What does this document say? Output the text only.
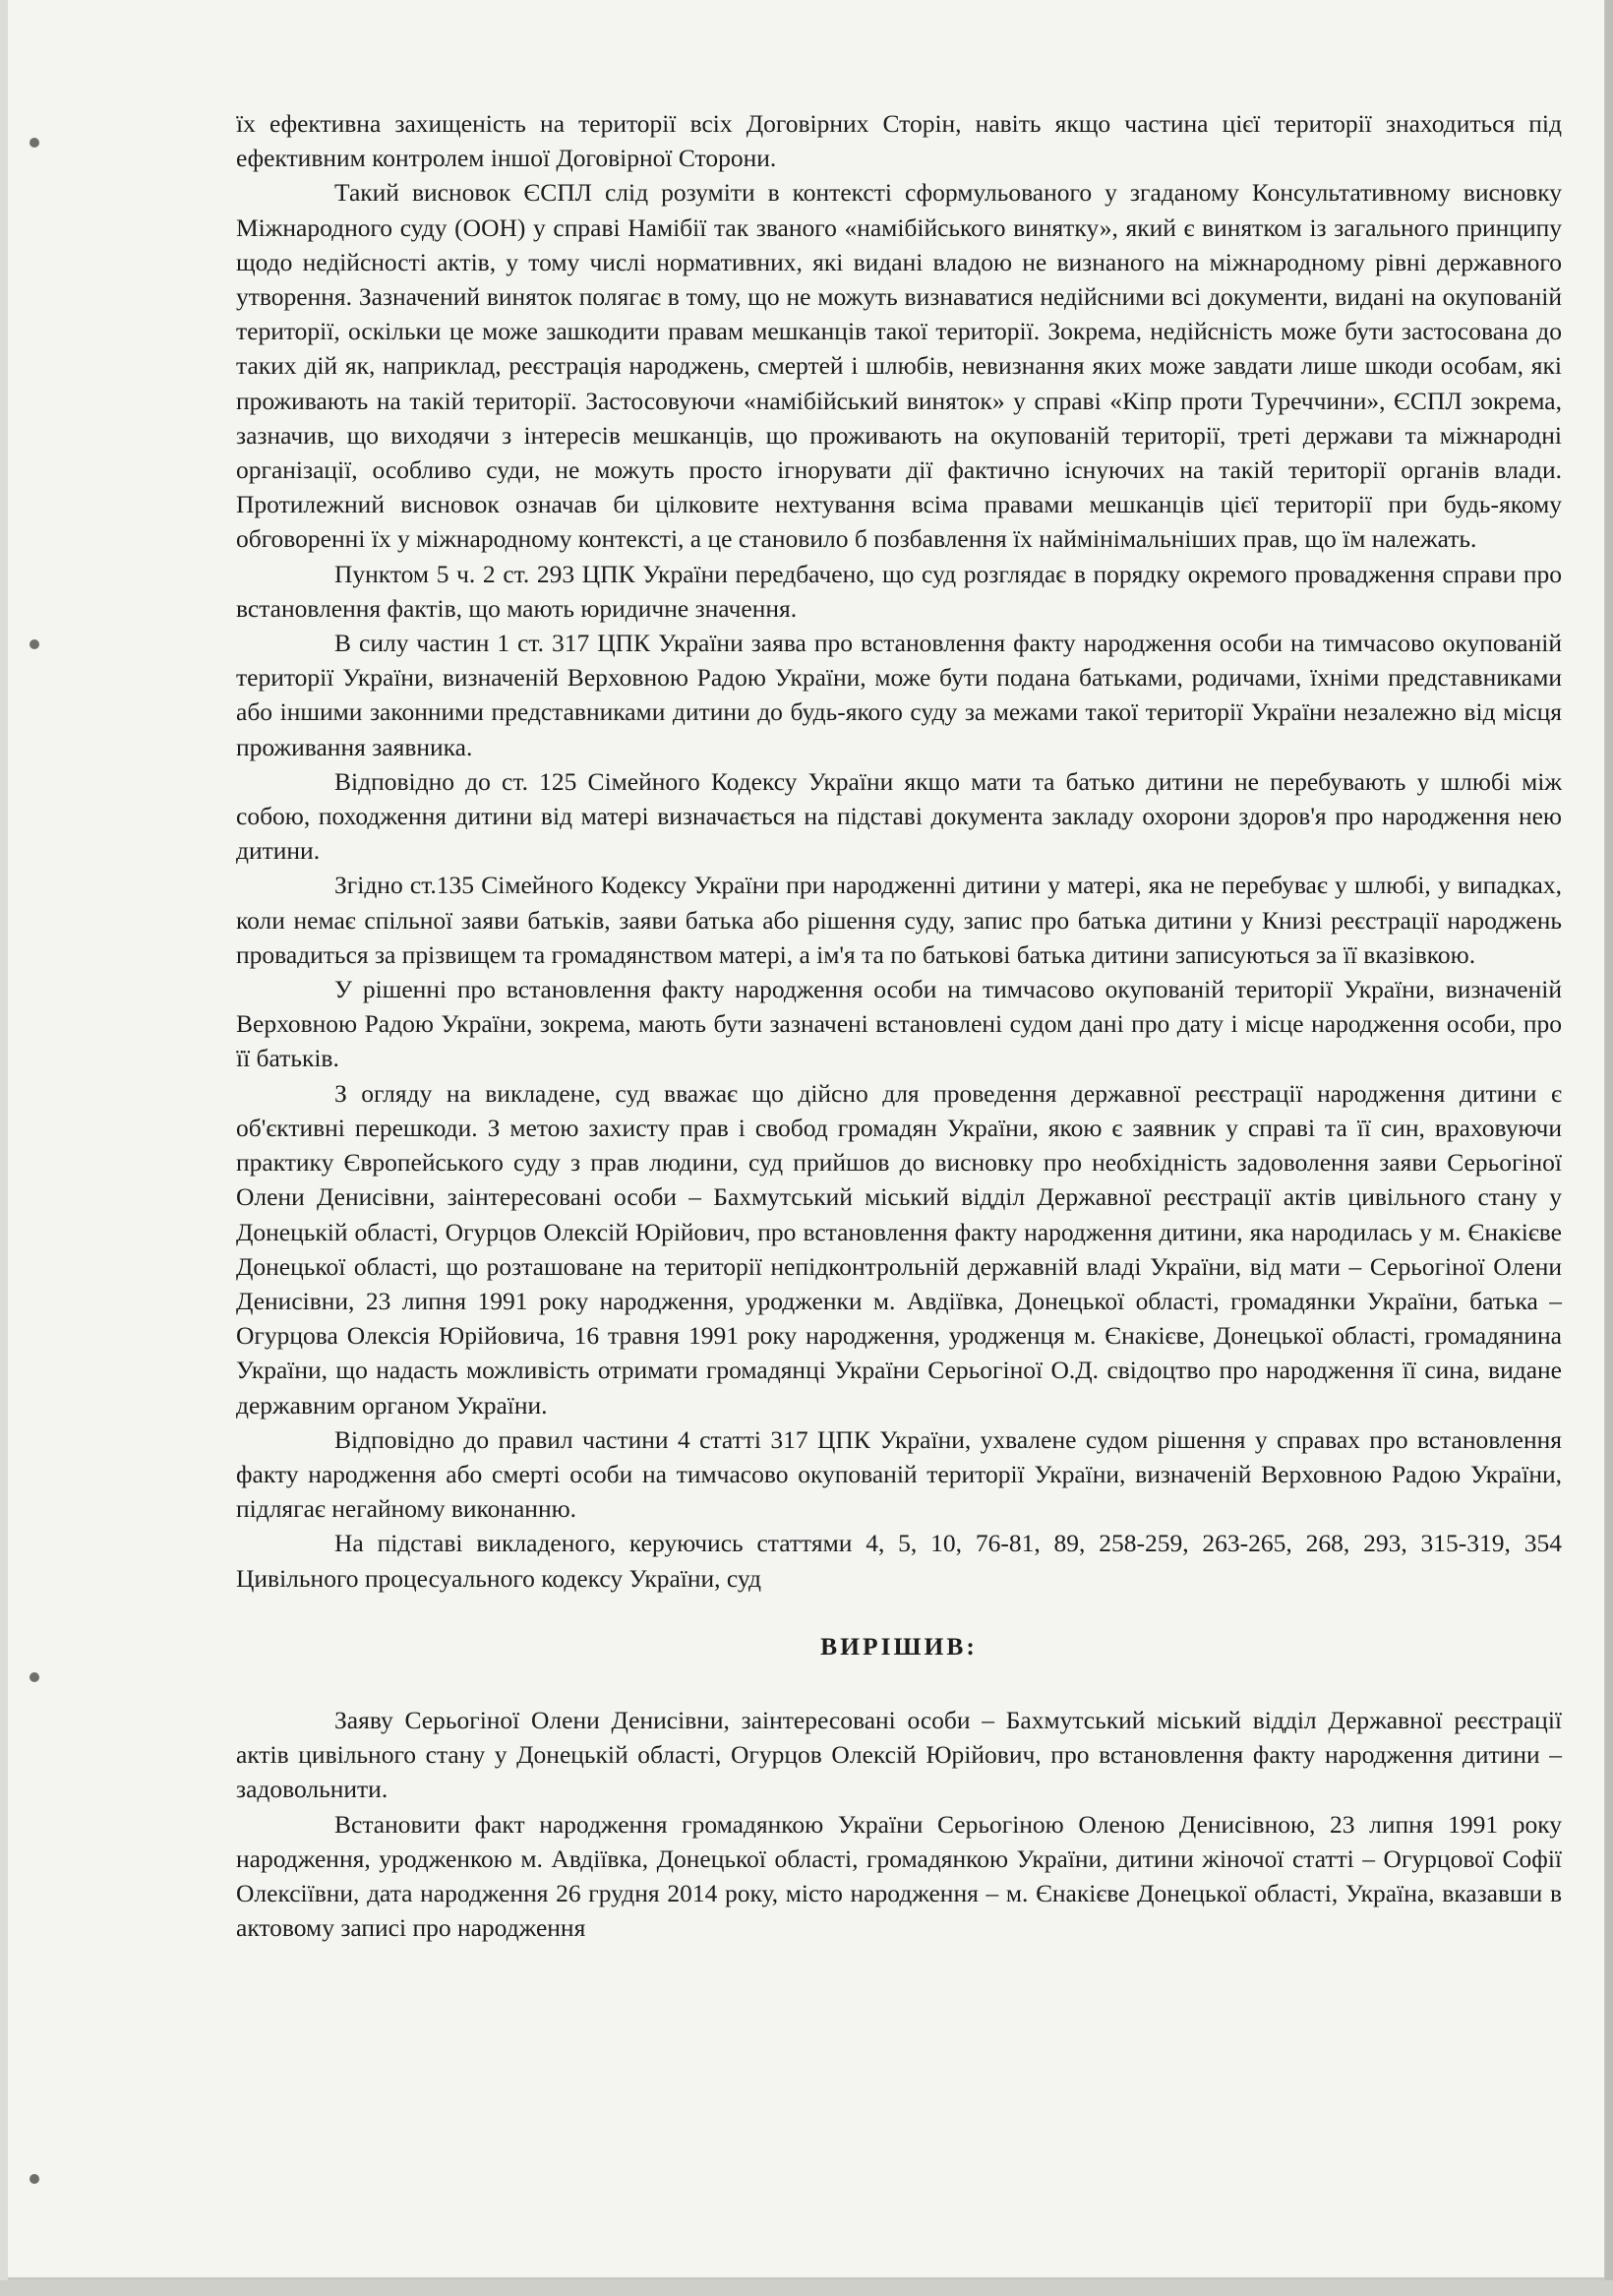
їх ефективна захищеність на території всіх Договірних Сторін, навіть якщо частина цієї території знаходиться під ефективним контролем іншої Договірної Сторони.

Такий висновок ЄСПЛ слід розуміти в контексті сформульованого у згаданому Консультативному висновку Міжнародного суду (ООН) у справі Намібії так званого «намібійського винятку», який є винятком із загального принципу щодо недійсності актів, у тому числі нормативних, які видані владою не визнаного на міжнародному рівні державного утворення. Зазначений виняток полягає в тому, що не можуть визнаватися недійсними всі документи, видані на окупованій території, оскільки це може зашкодити правам мешканців такої території. Зокрема, недійсність може бути застосована до таких дій як, наприклад, реєстрація народжень, смертей і шлюбів, невизнання яких може завдати лише шкоди особам, які проживають на такій території. Застосовуючи «намібійський виняток» у справі «Кіпр проти Туреччини», ЄСПЛ зокрема, зазначив, що виходячи з інтересів мешканців, що проживають на окупованій території, треті держави та міжнародні організації, особливо суди, не можуть просто ігнорувати дії фактично існуючих на такій території органів влади. Протилежний висновок означав би цілковите нехтування всіма правами мешканців цієї території при будь-якому обговоренні їх у міжнародному контексті, а це становило б позбавлення їх наймінімальніших прав, що їм належать.

Пунктом 5 ч. 2 ст. 293 ЦПК України передбачено, що суд розглядає в порядку окремого провадження справи про встановлення фактів, що мають юридичне значення.

В силу частин 1 ст. 317 ЦПК України заява про встановлення факту народження особи на тимчасово окупованій території України, визначеній Верховною Радою України, може бути подана батьками, родичами, їхніми представниками або іншими законними представниками дитини до будь-якого суду за межами такої території України незалежно від місця проживання заявника.

Відповідно до ст. 125 Сімейного Кодексу України якщо мати та батько дитини не перебувають у шлюбі між собою, походження дитини від матері визначається на підставі документа закладу охорони здоров'я про народження нею дитини.

Згідно ст.135 Сімейного Кодексу України при народженні дитини у матері, яка не перебуває у шлюбі, у випадках, коли немає спільної заяви батьків, заяви батька або рішення суду, запис про батька дитини у Книзі реєстрації народжень провадиться за прізвищем та громадянством матері, а ім'я та по батькові батька дитини записуються за її вказівкою.

У рішенні про встановлення факту народження особи на тимчасово окупованій території України, визначеній Верховною Радою України, зокрема, мають бути зазначені встановлені судом дані про дату і місце народження особи, про її батьків.

З огляду на викладене, суд вважає що дійсно для проведення державної реєстрації народження дитини є об'єктивні перешкоди. З метою захисту прав і свобод громадян України, якою є заявник у справі та її син, враховуючи практику Європейського суду з прав людини, суд прийшов до висновку про необхідність задоволення заяви Серьогіної Олени Денисівни, заінтересовані особи – Бахмутський міський відділ Державної реєстрації актів цивільного стану у Донецькій області, Огурцов Олексій Юрійович, про встановлення факту народження дитини, яка народилась у м. Єнакієве Донецької області, що розташоване на території непідконтрольній державній владі України, від мати – Серьогіної Олени Денисівни, 23 липня 1991 року народження, уродженки м. Авдіївка, Донецької області, громадянки України, батька – Огурцова Олексія Юрійовича, 16 травня 1991 року народження, уродженця м. Єнакієве, Донецької області, громадянина України, що надасть можливість отримати громадянці України Серьогіної О.Д. свідоцтво про народження її сина, видане державним органом України.

Відповідно до правил частини 4 статті 317 ЦПК України, ухвалене судом рішення у справах про встановлення факту народження або смерті особи на тимчасово окупованій території України, визначеній Верховною Радою України, підлягає негайному виконанню.

На підставі викладеного, керуючись статтями 4, 5, 10, 76-81, 89, 258-259, 263-265, 268, 293, 315-319, 354 Цивільного процесуального кодексу України, суд

ВИРІШИВ:

Заяву Серьогіної Олени Денисівни, заінтересовані особи – Бахмутський міський відділ Державної реєстрації актів цивільного стану у Донецькій області, Огурцов Олексій Юрійович, про встановлення факту народження дитини – задовольнити.

Встановити факт народження громадянкою України Серьогіною Оленою Денисівною, 23 липня 1991 року народження, уродженкою м. Авдіївка, Донецької області, громадянкою України, дитини жіночої статті – Огурцової Софії Олексіївни, дата народження 26 грудня 2014 року, місто народження – м. Єнакієве Донецької області, Україна, вказавши в актовому записі про народження
